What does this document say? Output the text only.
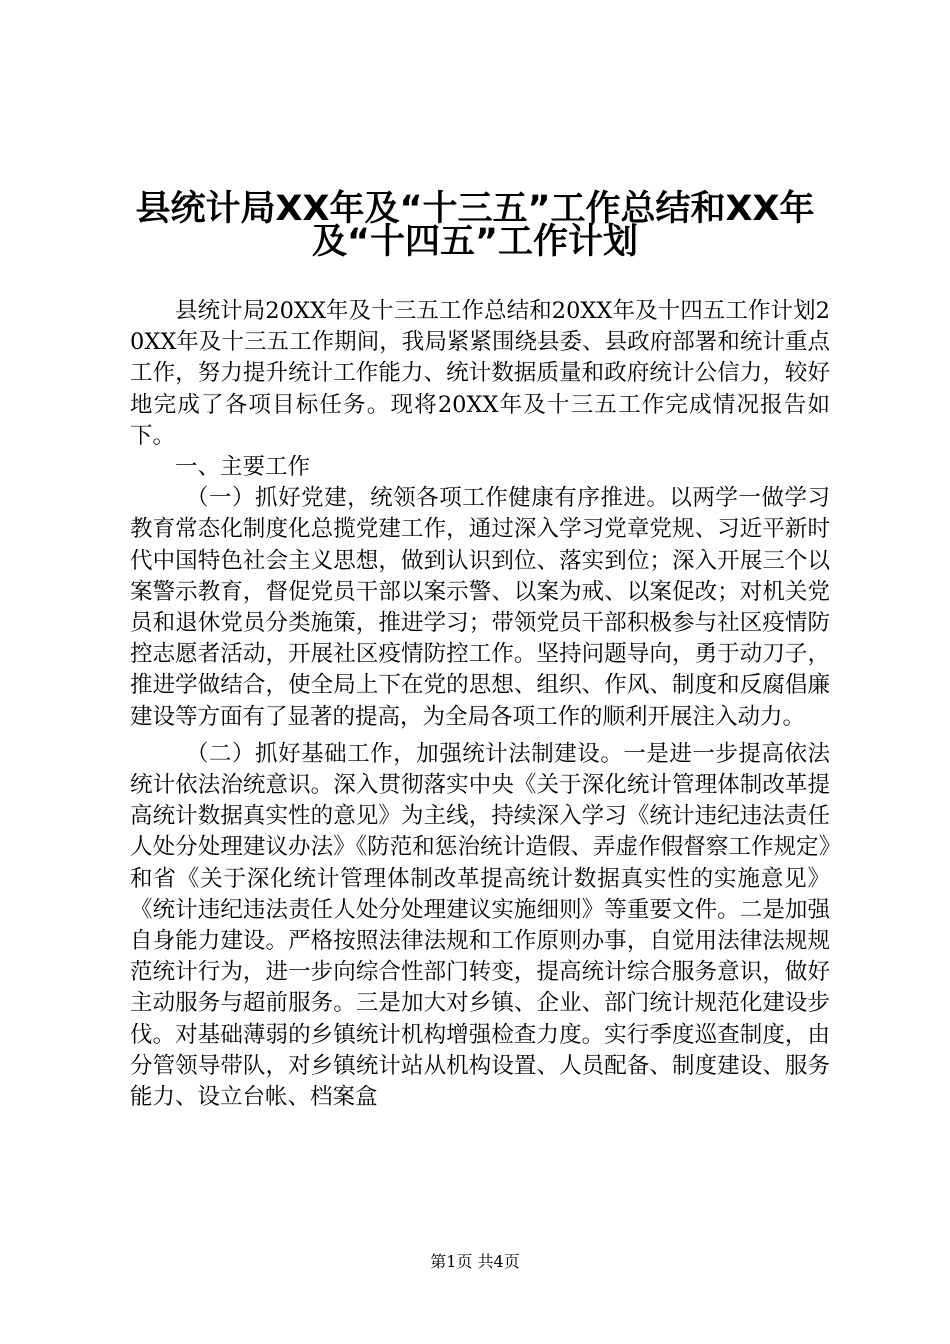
县统计局XX年及“十三五”工作总结和XX年
及“十四五”工作计划

县统计局20XX年及十三五工作总结和20XX年及十四五工作计划20XX年及十三五工作期间，我局紧紧围绕县委、县政府部署和统计重点工作，努力提升统计工作能力、统计数据质量和政府统计公信力，较好地完成了各项目标任务。现将20XX年及十三五工作完成情况报告如下。

一、主要工作

（一）抓好党建，统领各项工作健康有序推进。以两学一做学习教育常态化制度化总揽党建工作，通过深入学习党章党规、习近平新时代中国特色社会主义思想，做到认识到位、落实到位；深入开展三个以案警示教育，督促党员干部以案示警、以案为戒、以案促改；对机关党员和退休党员分类施策，推进学习；带领党员干部积极参与社区疫情防控志愿者活动，开展社区疫情防控工作。坚持问题导向，勇于动刀子，推进学做结合，使全局上下在党的思想、组织、作风、制度和反腐倡廉建设等方面有了显著的提高，为全局各项工作的顺利开展注入动力。

（二）抓好基础工作，加强统计法制建设。一是进一步提高依法统计依法治统意识。深入贯彻落实中央《关于深化统计管理体制改革提高统计数据真实性的意见》为主线，持续深入学习《统计违纪违法责任人处分处理建议办法》《防范和惩治统计造假、弄虚作假督察工作规定》和省《关于深化统计管理体制改革提高统计数据真实性的实施意见》《统计违纪违法责任人处分处理建议实施细则》等重要文件。二是加强自身能力建设。严格按照法律法规和工作原则办事，自觉用法律法规规范统计行为，进一步向综合性部门转变，提高统计综合服务意识，做好主动服务与超前服务。三是加大对乡镇、企业、部门统计规范化建设步伐。对基础薄弱的乡镇统计机构增强检查力度。实行季度巡查制度，由分管领导带队，对乡镇统计站从机构设置、人员配备、制度建设、服务能力、设立台帐、档案盒

第1页 共4页
